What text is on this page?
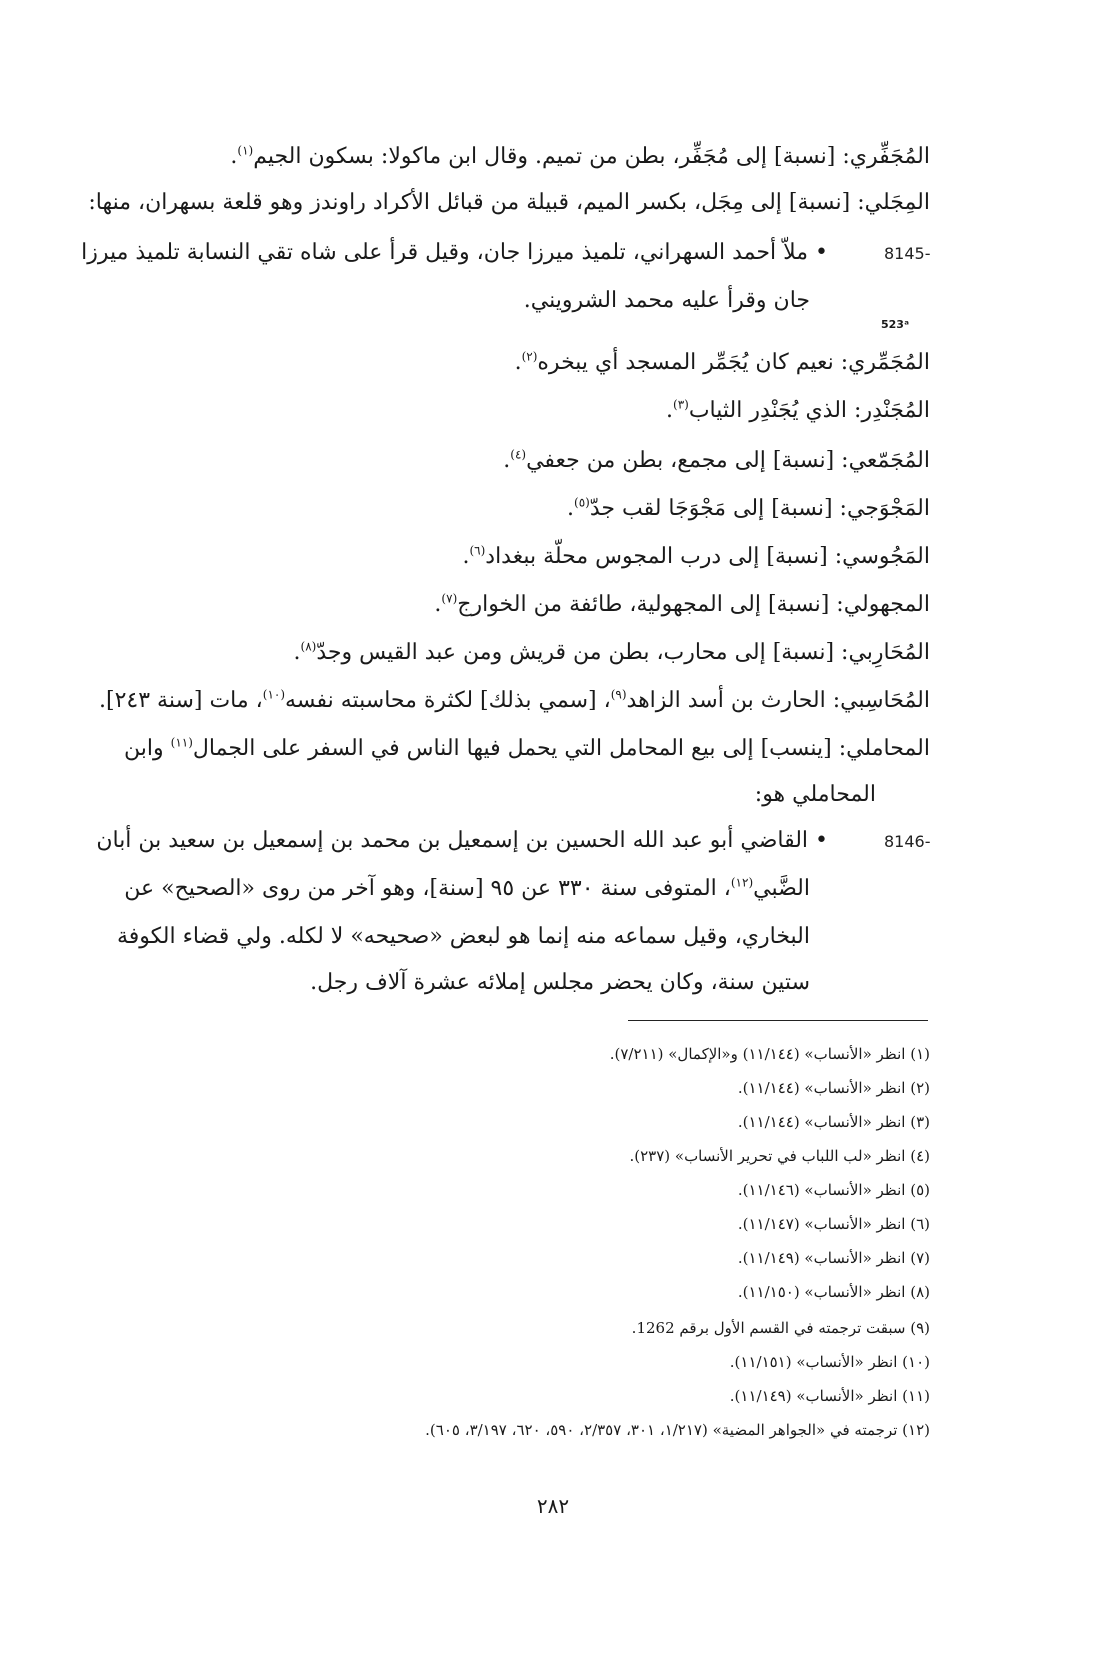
المُجَفِّري: [نسبة] إلى مُجَفِّر، بطن من تميم. وقال ابن ماكولا: بسكون الجيم$^{(١)}$.
المِجَلي: [نسبة] إلى مِجَل، بكسر الميم، قبيلة من قبائل الأكراد راوندز وهو قلعة بسهران، منها:
8145-
• ملاّ أحمد السهراني، تلميذ ميرزا جان، وقيل قرأ على شاه تقي النسابة تلميذ ميرزا
جان وقرأ عليه محمد الشرويني.
523ᵃ
المُجَمِّري: نعيم كان يُجَمِّر المسجد أي يبخره$^{(٢)}$.
المُجَنْدِر: الذي يُجَنْدِر الثياب$^{(٣)}$.
المُجَمّعي: [نسبة] إلى مجمع، بطن من جعفي$^{(٤)}$.
المَجْوَجي: [نسبة] إلى مَجْوَجَا لقب جدّ$^{(٥)}$.
المَجُوسي: [نسبة] إلى درب المجوس محلّة ببغداد$^{(٦)}$.
المجهولي: [نسبة] إلى المجهولية، طائفة من الخوارج$^{(٧)}$.
المُحَارِبي: [نسبة] إلى محارب، بطن من قريش ومن عبد القيس وجدّ$^{(٨)}$.
المُحَاسِبي: الحارث بن أسد الزاهد$^{(٩)}$، [سمي بذلك] لكثرة محاسبته نفسه$^{(١٠)}$، مات [سنة ٢٤٣].
المحاملي: [ينسب] إلى بيع المحامل التي يحمل فيها الناس في السفر على الجمال$^{(١١)}$ وابن
المحاملي هو:
8146-
• القاضي أبو عبد الله الحسين بن إسمعيل بن محمد بن إسمعيل بن سعيد بن أبان
الضَّبي$^{(١٢)}$، المتوفى سنة ٣٣٠ عن ٩٥ [سنة]، وهو آخر من روى «الصحيح» عن
البخاري، وقيل سماعه منه إنما هو لبعض «صحيحه» لا لكله. ولي قضاء الكوفة
ستين سنة، وكان يحضر مجلس إملائه عشرة آلاف رجل.
(١) انظر «الأنساب» (١١/١٤٤) و«الإكمال» (٧/٢١١).
(٢) انظر «الأنساب» (١١/١٤٤).
(٣) انظر «الأنساب» (١١/١٤٤).
(٤) انظر «لب اللباب في تحرير الأنساب» (٢٣٧).
(٥) انظر «الأنساب» (١١/١٤٦).
(٦) انظر «الأنساب» (١١/١٤٧).
(٧) انظر «الأنساب» (١١/١٤٩).
(٨) انظر «الأنساب» (١١/١٥٠).
(٩) سبقت ترجمته في القسم الأول برقم 1262.
(١٠) انظر «الأنساب» (١١/١٥١).
(١١) انظر «الأنساب» (١١/١٤٩).
(١٢) ترجمته في «الجواهر المضية» (١/٢١٧، ٣٠١، ٢/٣٥٧، ٥٩٠، ٦٢٠، ٣/١٩٧، ٦٠٥).
٢٨٢
